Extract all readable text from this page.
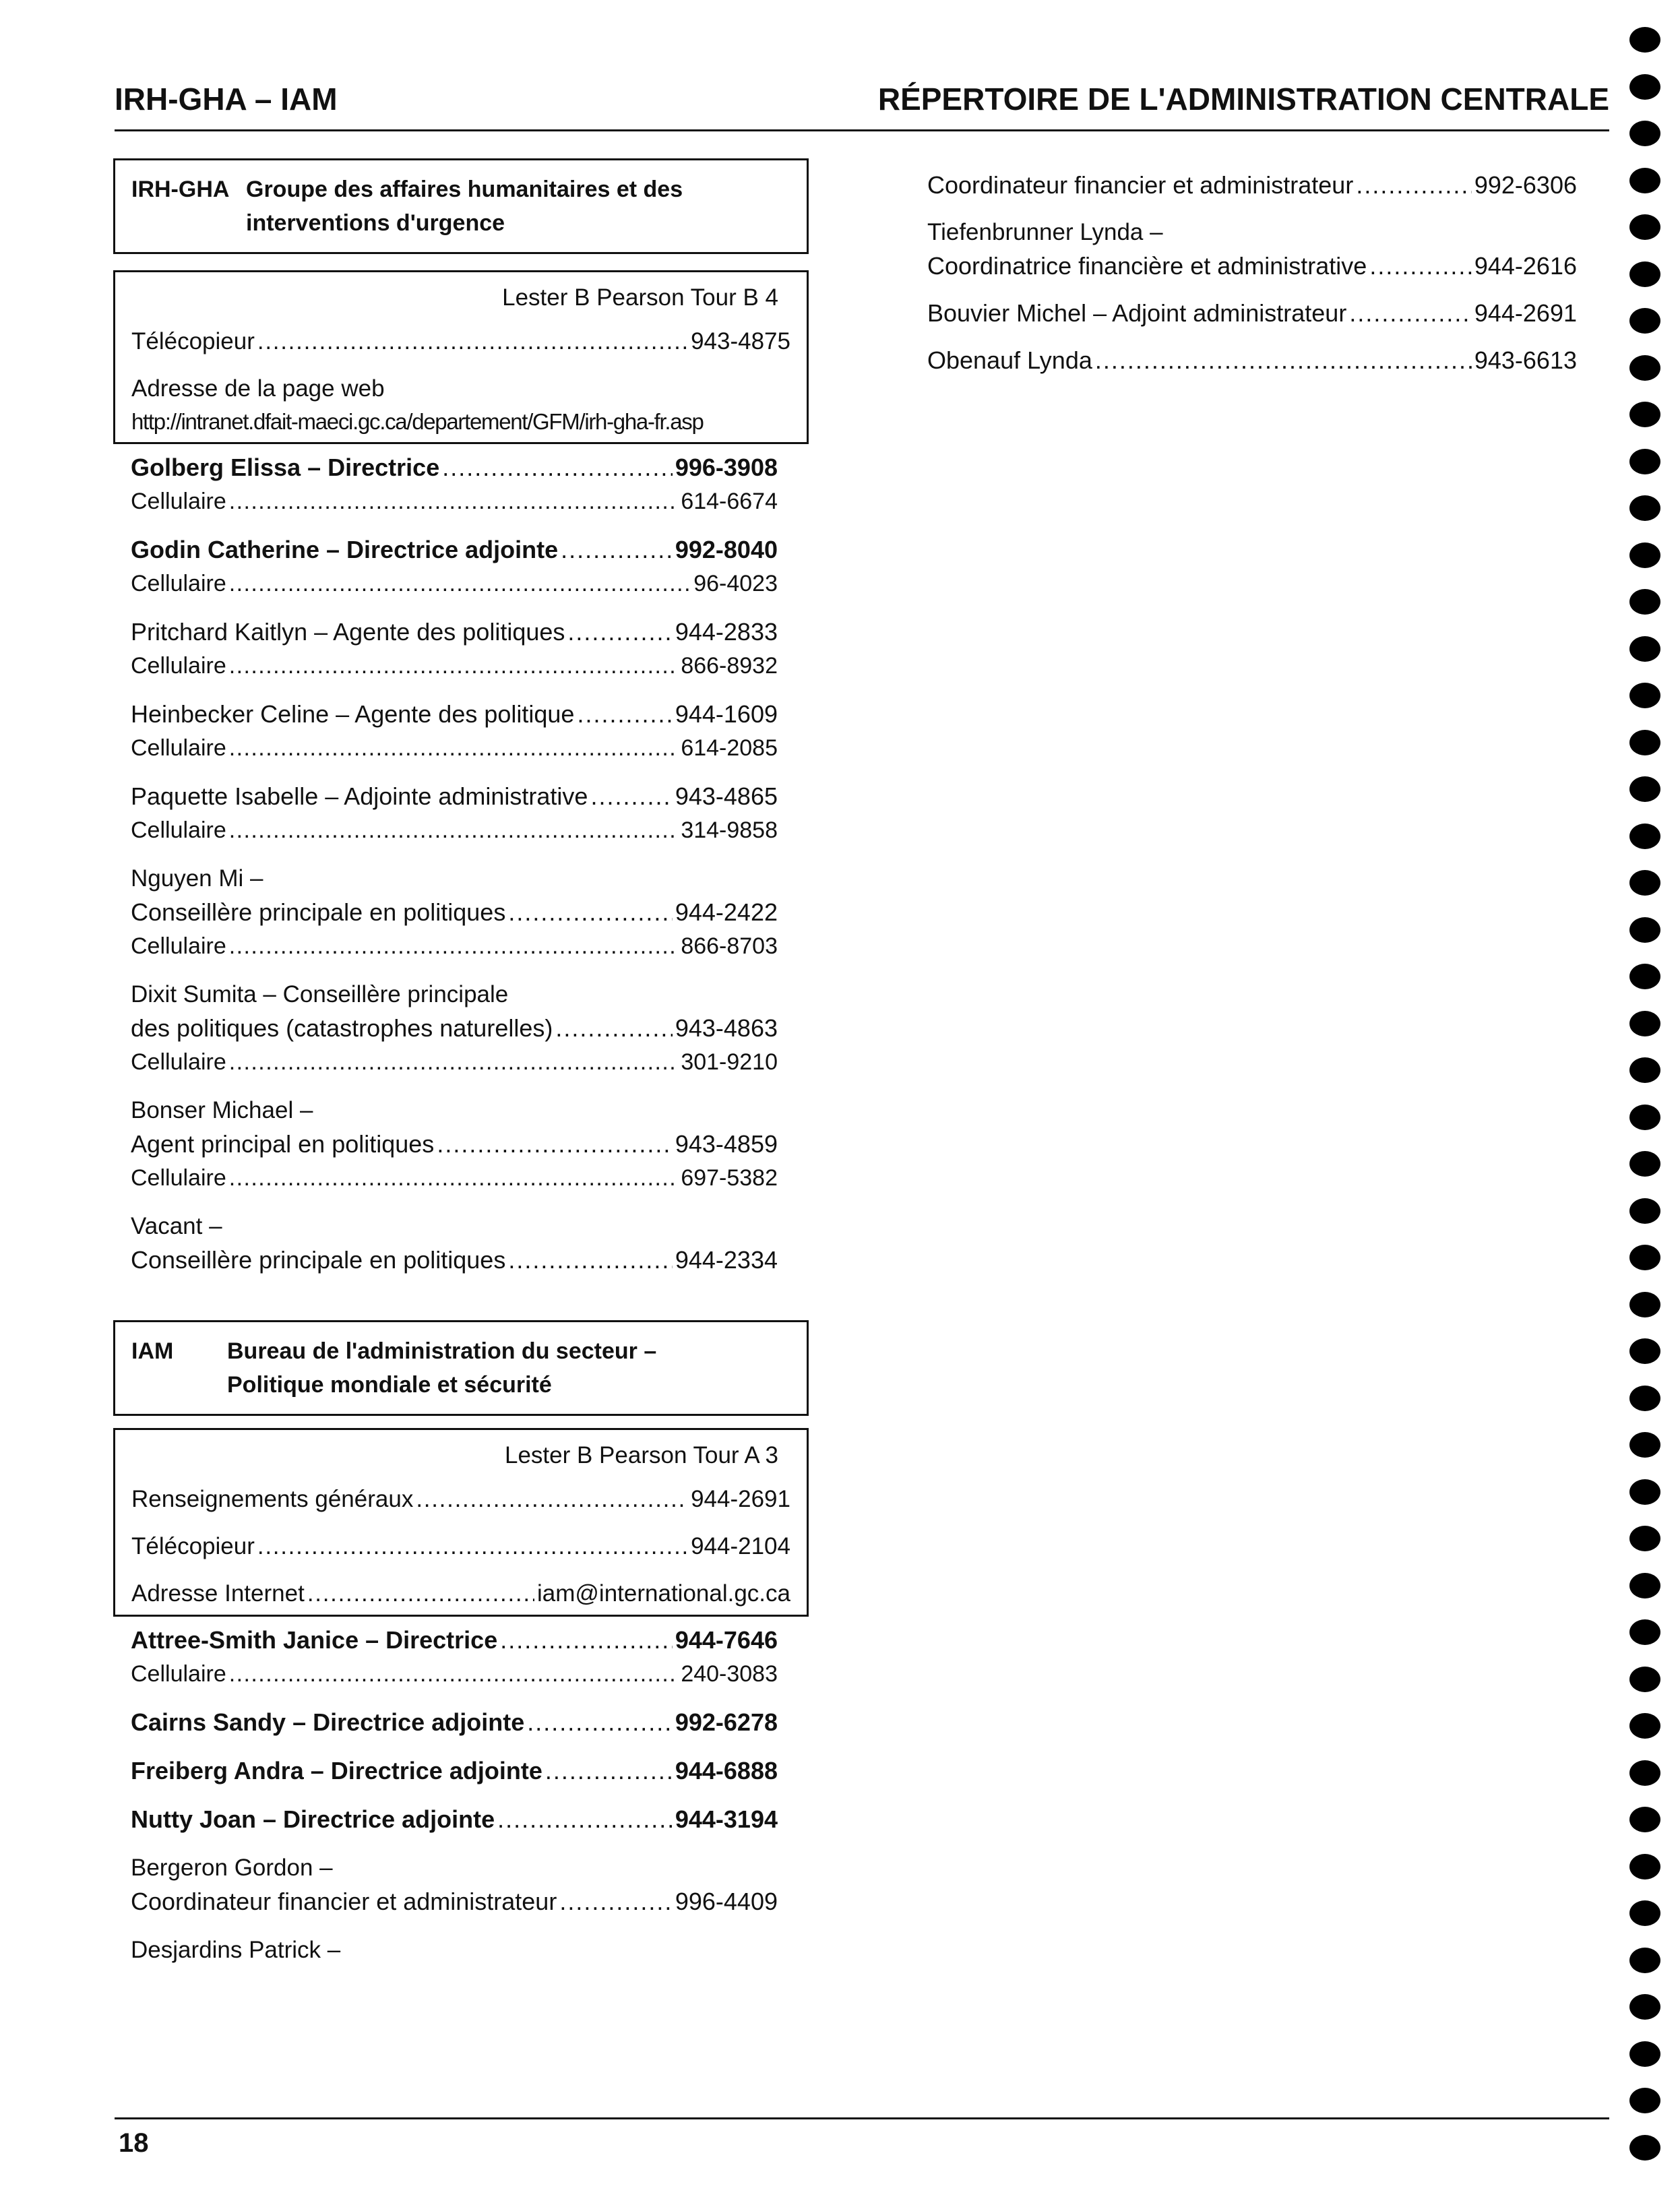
IRH-GHA – IAM	RÉPERTOIRE DE L'ADMINISTRATION CENTRALE
IRH-GHA Groupe des affaires humanitaires et des
interventions d'urgence
Lester B Pearson Tour B 4
Télécopieur . . .	943-4875
Adresse de la page web
http://intranet.dfait-maeci.gc.ca/departement/GFM/irh-gha-fr.asp
Golberg Elissa – Directrice . . .	996-3908
Cellulaire . . .	614-6674
Godin Catherine – Directrice adjointe . . .	992-8040
Cellulaire . . .	96-4023
Pritchard Kaitlyn – Agente des politiques . . .	944-2833
Cellulaire . . .	866-8932
Heinbecker Celine – Agente des politique . . .	944-1609
Cellulaire . . .	614-2085
Paquette Isabelle – Adjointe administrative . . .	943-4865
Cellulaire . . .	314-9858
Nguyen Mi –
Conseillère principale en politiques . . .	944-2422
Cellulaire . . .	866-8703
Dixit Sumita – Conseillère principale
des politiques (catastrophes naturelles) . . .	943-4863
Cellulaire . . .	301-9210
Bonser Michael –
Agent principal en politiques . . .	943-4859
Cellulaire . . .	697-5382
Vacant –
Conseillère principale en politiques . . .	944-2334
IAM	Bureau de l'administration du secteur –
Politique mondiale et sécurité
Lester B Pearson Tour A 3
Renseignements généraux . . .	944-2691
Télécopieur . . .	944-2104
Adresse Internet . . .	iam@international.gc.ca
Attree-Smith Janice – Directrice . . .	944-7646
Cellulaire . . .	240-3083
Cairns Sandy – Directrice adjointe . . .	992-6278
Freiberg Andra – Directrice adjointe . . .	944-6888
Nutty Joan – Directrice adjointe . . .	944-3194
Bergeron Gordon –
Coordinateur financier et administrateur . . .	996-4409
Desjardins Patrick –
Coordinateur financier et administrateur . . .	992-6306
Tiefenbrunner Lynda –
Coordinatrice financière et administrative . . .	944-2616
Bouvier Michel – Adjoint administrateur . . .	944-2691
Obenauf Lynda . . .	943-6613
18
